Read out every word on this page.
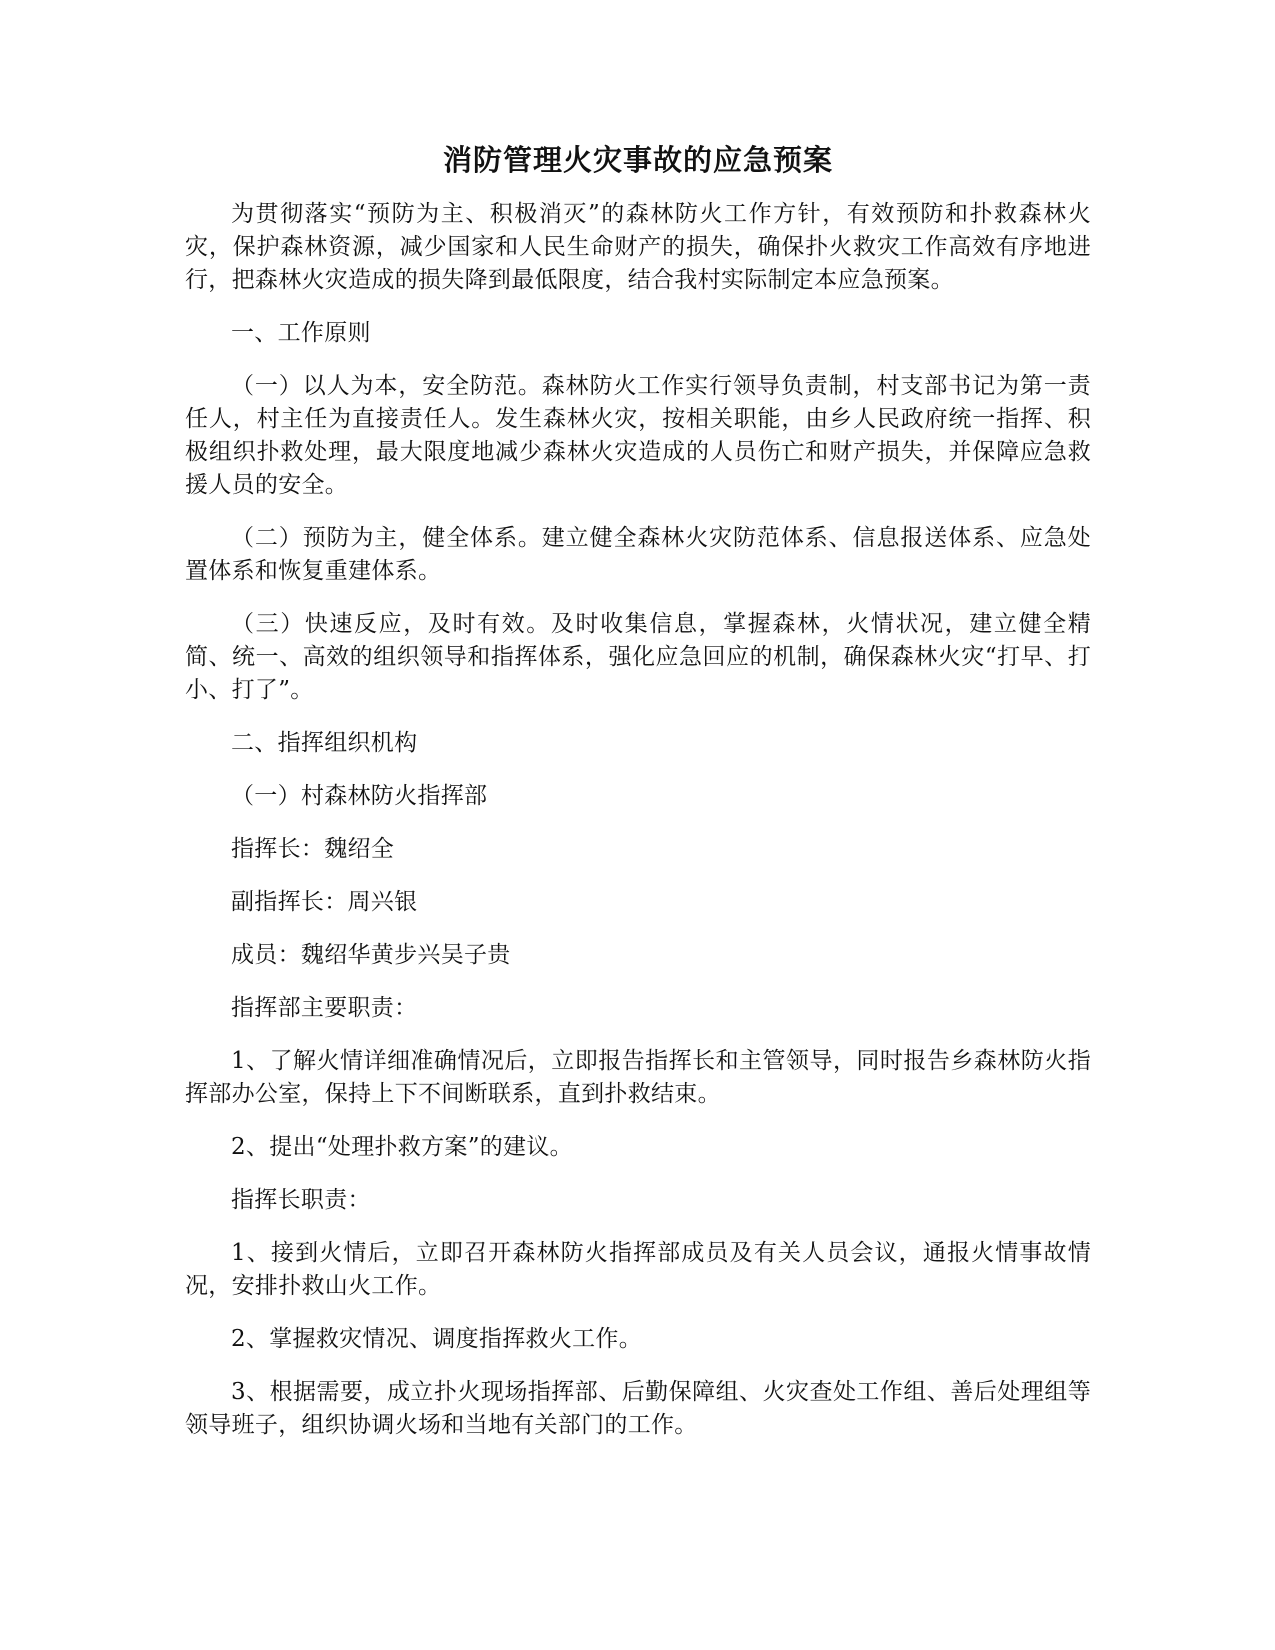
消防管理火灾事故的应急预案

为贯彻落实“预防为主、积极消灭”的森林防火工作方针，有效预防和扑救森林火灾，保护森林资源，减少国家和人民生命财产的损失，确保扑火救灾工作高效有序地进行，把森林火灾造成的损失降到最低限度，结合我村实际制定本应急预案。

一、工作原则

（一）以人为本，安全防范。森林防火工作实行领导负责制，村支部书记为第一责任人，村主任为直接责任人。发生森林火灾，按相关职能，由乡人民政府统一指挥、积极组织扑救处理，最大限度地减少森林火灾造成的人员伤亡和财产损失，并保障应急救援人员的安全。

（二）预防为主，健全体系。建立健全森林火灾防范体系、信息报送体系、应急处置体系和恢复重建体系。

（三）快速反应，及时有效。及时收集信息，掌握森林，火情状况，建立健全精简、统一、高效的组织领导和指挥体系，强化应急回应的机制，确保森林火灾“打早、打小、打了”。

二、指挥组织机构

（一）村森林防火指挥部

指挥长：魏绍全

副指挥长：周兴银

成员：魏绍华黄步兴吴子贵

指挥部主要职责：

1、了解火情详细准确情况后，立即报告指挥长和主管领导，同时报告乡森林防火指挥部办公室，保持上下不间断联系，直到扑救结束。

2、提出“处理扑救方案”的建议。

指挥长职责：

1、接到火情后，立即召开森林防火指挥部成员及有关人员会议，通报火情事故情况，安排扑救山火工作。

2、掌握救灾情况、调度指挥救火工作。

3、根据需要，成立扑火现场指挥部、后勤保障组、火灾查处工作组、善后处理组等领导班子，组织协调火场和当地有关部门的工作。
